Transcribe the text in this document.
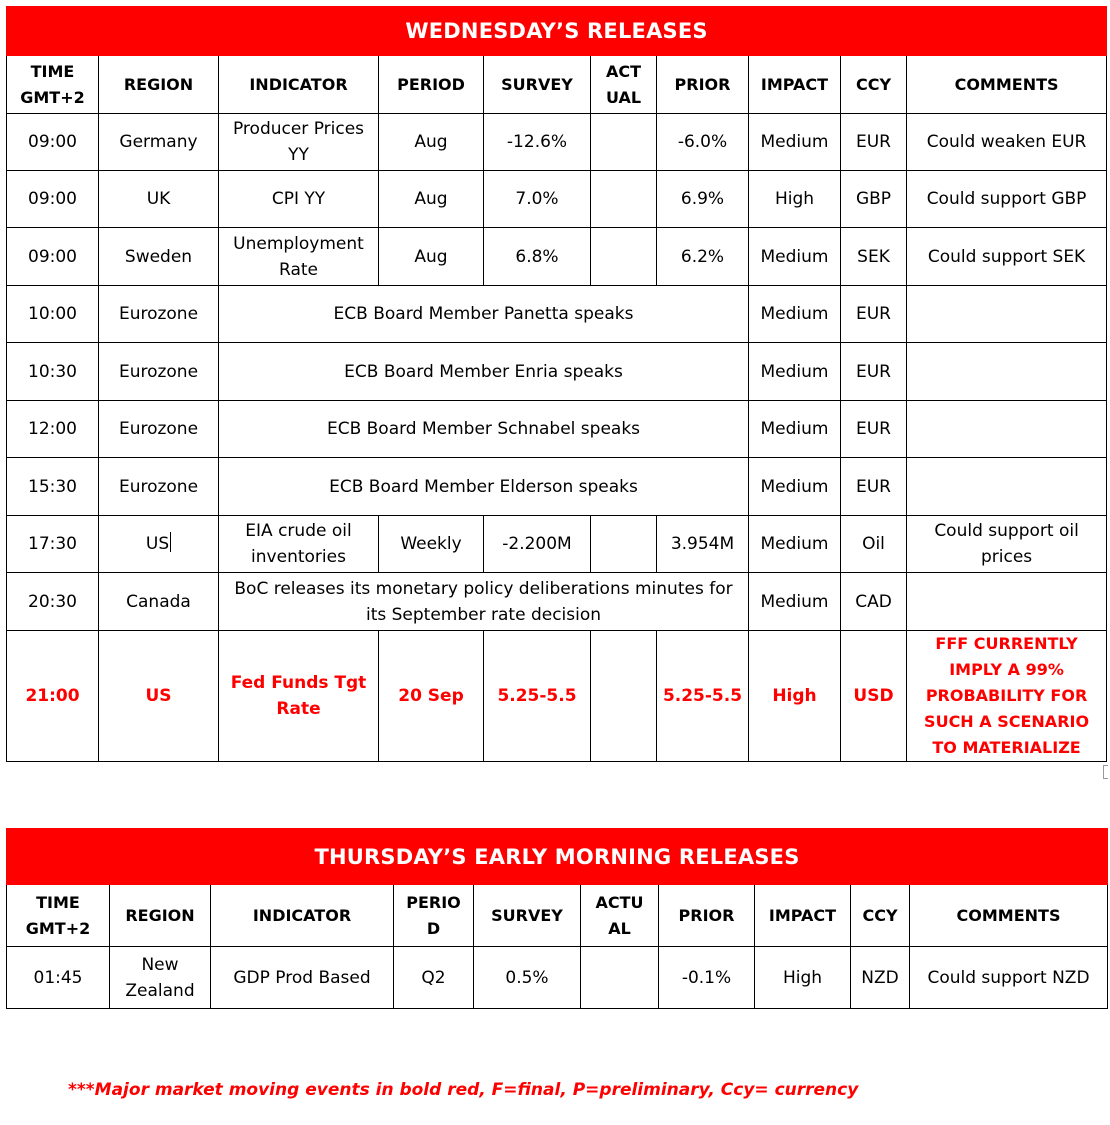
WEDNESDAY’S RELEASES									
TIME GMT+2	REGION	INDICATOR	PERIOD	SURVEY	ACT UAL	PRIOR	IMPACT	CCY	COMMENTS
09:00	Germany	Producer Prices YY	Aug	-12.6%		-6.0%	Medium	EUR	Could weaken EUR
09:00	UK	CPI YY	Aug	7.0%		6.9%	High	GBP	Could support GBP
09:00	Sweden	Unemployment Rate	Aug	6.8%		6.2%	Medium	SEK	Could support SEK
10:00	Eurozone	ECB Board Member Panetta speaks					Medium	EUR	
10:30	Eurozone	ECB Board Member Enria speaks					Medium	EUR	
12:00	Eurozone	ECB Board Member Schnabel speaks					Medium	EUR	
15:30	Eurozone	ECB Board Member Elderson speaks					Medium	EUR	
17:30	US	EIA crude oil inventories	Weekly	-2.200M		3.954M	Medium	Oil	Could support oil prices
20:30	Canada	BoC releases its monetary policy deliberations minutes for its September rate decision					Medium	CAD	
21:00	US	Fed Funds Tgt Rate	20 Sep	5.25-5.5		5.25-5.5	High	USD	FFF CURRENTLY IMPLY A 99% PROBABILITY FOR SUCH A SCENARIO TO MATERIALIZE
THURSDAY’S EARLY MORNING RELEASES									
TIME GMT+2	REGION	INDICATOR	PERIO D	SURVEY	ACTU AL	PRIOR	IMPACT	CCY	COMMENTS
01:45	New Zealand	GDP Prod Based	Q2	0.5%		-0.1%	High	NZD	Could support NZD
***Major market moving events in bold red, F=final, P=preliminary, Ccy= currency
